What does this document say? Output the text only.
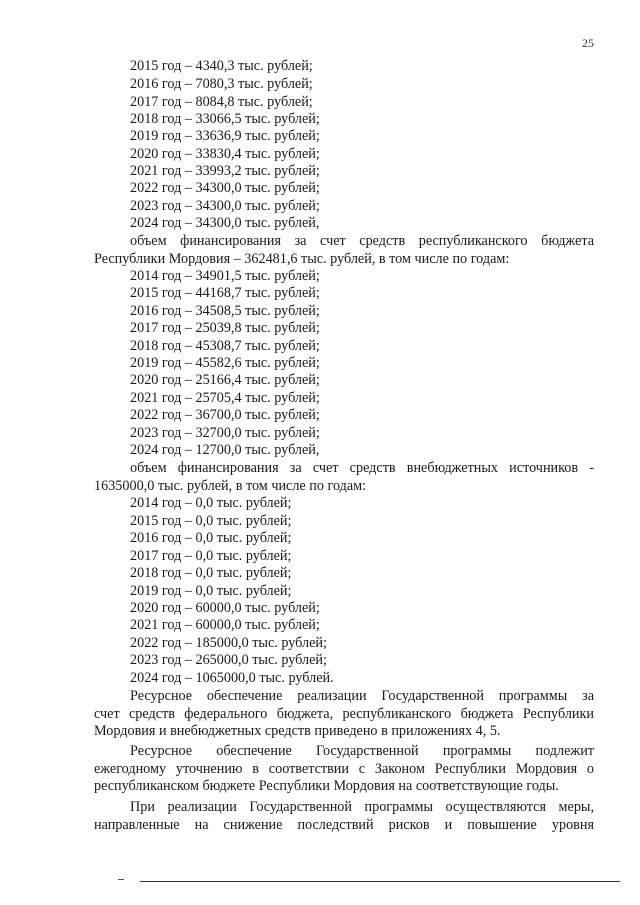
25
2015 год – 4340,3 тыс. рублей;
2016 год – 7080,3 тыс. рублей;
2017 год – 8084,8 тыс. рублей;
2018 год – 33066,5 тыс. рублей;
2019 год – 33636,9 тыс. рублей;
2020 год – 33830,4 тыс. рублей;
2021 год – 33993,2 тыс. рублей;
2022 год – 34300,0 тыс. рублей;
2023 год – 34300,0 тыс. рублей;
2024 год – 34300,0 тыс. рублей,
объем финансирования за счет средств республиканского бюджета
Республики Мордовия – 362481,6 тыс. рублей, в том числе по годам:
2014 год – 34901,5 тыс. рублей;
2015 год – 44168,7 тыс. рублей;
2016 год – 34508,5 тыс. рублей;
2017 год – 25039,8 тыс. рублей;
2018 год – 45308,7 тыс. рублей;
2019 год – 45582,6 тыс. рублей;
2020 год – 25166,4 тыс. рублей;
2021 год – 25705,4 тыс. рублей;
2022 год – 36700,0 тыс. рублей;
2023 год – 32700,0 тыс. рублей;
2024 год – 12700,0 тыс. рублей,
объем финансирования за счет средств внебюджетных источников -
1635000,0 тыс. рублей, в том числе по годам:
2014 год – 0,0 тыс. рублей;
2015 год – 0,0 тыс. рублей;
2016 год – 0,0 тыс. рублей;
2017 год – 0,0 тыс. рублей;
2018 год – 0,0 тыс. рублей;
2019 год – 0,0 тыс. рублей;
2020 год – 60000,0 тыс. рублей;
2021 год – 60000,0 тыс. рублей;
2022 год – 185000,0 тыс. рублей;
2023 год – 265000,0 тыс. рублей;
2024 год – 1065000,0 тыс. рублей.
Ресурсное обеспечение реализации Государственной программы за
счет средств федерального бюджета, республиканского бюджета Республики
Мордовия и внебюджетных средств приведено в приложениях 4, 5.
Ресурсное обеспечение Государственной программы подлежит
ежегодному уточнению в соответствии с Законом Республики Мордовия о
республиканском бюджете Республики Мордовия на соответствующие годы.
При реализации Государственной программы осуществляются меры,
направленные на снижение последствий рисков и повышение уровня
